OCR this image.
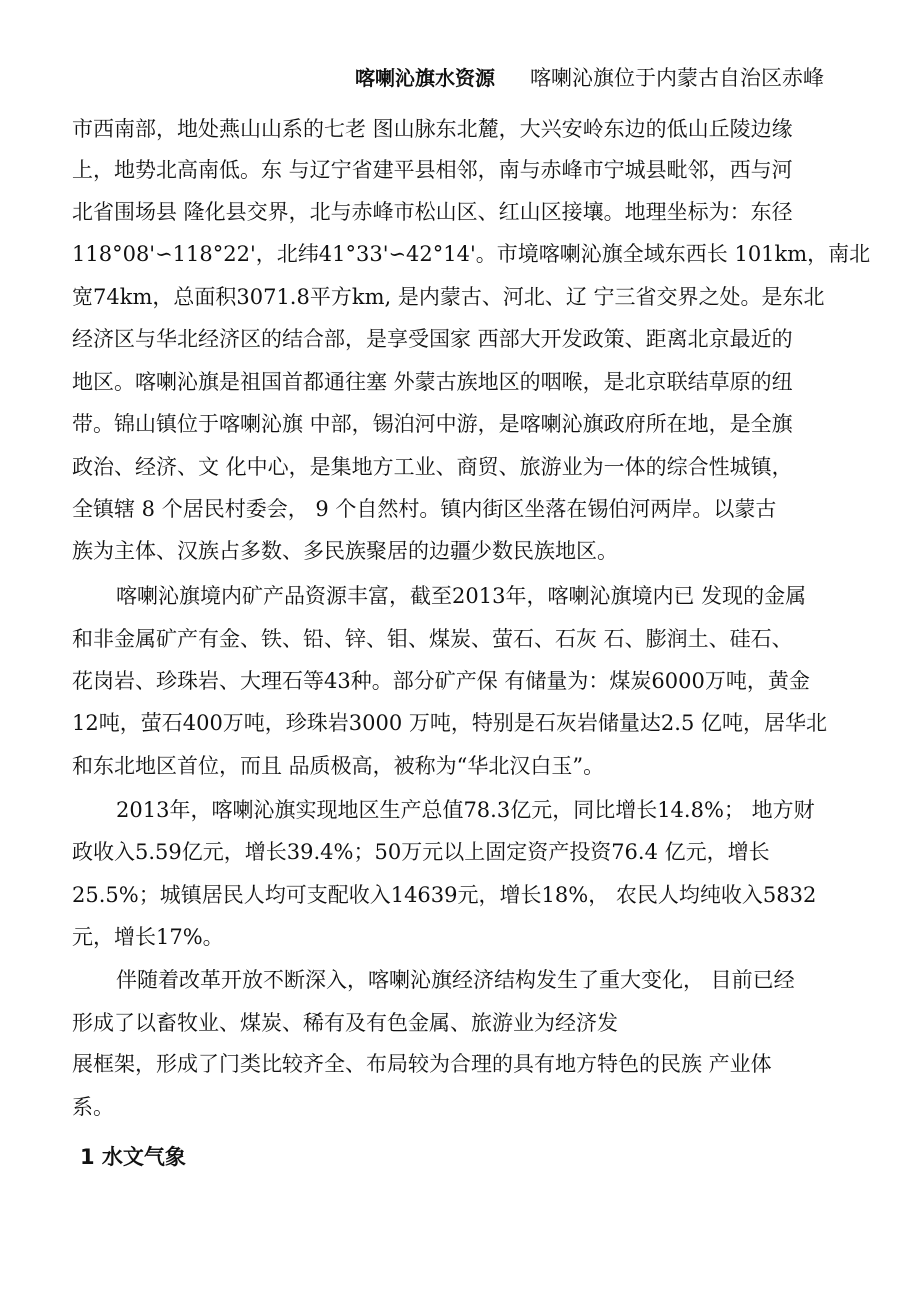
喀喇沁旗水资源 喀喇沁旗位于内蒙古自治区赤峰
市西南部，地处燕山山系的七老 图山脉东北麓，大兴安岭东边的低山丘陵边缘
上，地势北高南低。东 与辽宁省建平县相邻，南与赤峰市宁城县毗邻，西与河
北省围场县 隆化县交界，北与赤峰市松山区、红山区接壤。地理坐标为：东径
118°08'∽118°22'，北纬41°33'∽42°14'。市境喀喇沁旗全域东西长 101km，南北
宽74km，总面积3071.8平方km, 是内蒙古、河北、辽 宁三省交界之处。是东北
经济区与华北经济区的结合部，是享受国家 西部大开发政策、距离北京最近的
地区。喀喇沁旗是祖国首都通往塞 外蒙古族地区的咽喉，是北京联结草原的纽
带。锦山镇位于喀喇沁旗 中部，锡泊河中游，是喀喇沁旗政府所在地，是全旗
政治、经济、文 化中心，是集地方工业、商贸、旅游业为一体的综合性城镇，
全镇辖 8 个居民村委会， 9 个自然村。镇内街区坐落在锡伯河两岸。以蒙古
族为主体、汉族占多数、多民族聚居的边疆少数民族地区。
喀喇沁旗境内矿产品资源丰富，截至2013年，喀喇沁旗境内已 发现的金属
和非金属矿产有金、铁、铅、锌、钼、煤炭、萤石、石灰 石、膨润土、硅石、
花岗岩、珍珠岩、大理石等43种。部分矿产保 有储量为：煤炭6000万吨，黄金
12吨，萤石400万吨，珍珠岩3000 万吨，特别是石灰岩储量达2.5 亿吨，居华北
和东北地区首位，而且 品质极高，被称为“华北汉白玉”。
2013年，喀喇沁旗实现地区生产总值78.3亿元，同比增长14.8%； 地方财
政收入5.59亿元，增长39.4%；50万元以上固定资产投资76.4 亿元，增长
25.5%；城镇居民人均可支配收入14639元，增长18%， 农民人均纯收入5832
元，增长17%。
伴随着改革开放不断深入，喀喇沁旗经济结构发生了重大变化， 目前已经
形成了以畜牧业、煤炭、稀有及有色金属、旅游业为经济发
展框架，形成了门类比较齐全、布局较为合理的具有地方特色的民族 产业体
系。
1 水文气象
